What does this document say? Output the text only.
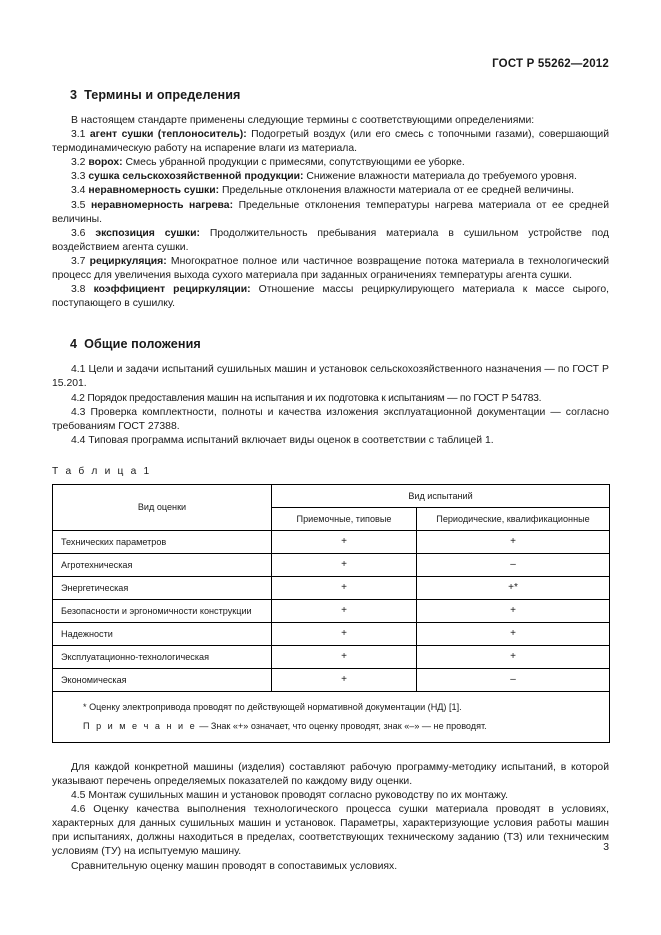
ГОСТ Р 55262—2012
3 Термины и определения

В настоящем стандарте применены следующие термины с соответствующими определениями:

3.1 агент сушки (теплоноситель): Подогретый воздух (или его смесь с топочными газами), совершающий термодинамическую работу на испарение влаги из материала.

3.2 ворох: Смесь убранной продукции с примесями, сопутствующими ее уборке.

3.3 сушка сельскохозяйственной продукции: Снижение влажности материала до требуемого уровня.

3.4 неравномерность сушки: Предельные отклонения влажности материала от ее средней величины.

3.5 неравномерность нагрева: Предельные отклонения температуры нагрева материала от ее средней величины.

3.6 экспозиция сушки: Продолжительность пребывания материала в сушильном устройстве под воздействием агента сушки.

3.7 рециркуляция: Многократное полное или частичное возвращение потока материала в технологический процесс для увеличения выхода сухого материала при заданных ограничениях температуры агента сушки.

3.8 коэффициент рециркуляции: Отношение массы рециркулирующего материала к массе сырого, поступающего в сушилку.

4 Общие положения

4.1 Цели и задачи испытаний сушильных машин и установок сельскохозяйственного назначения — по ГОСТ Р 15.201.

4.2 Порядок предоставления машин на испытания и их подготовка к испытаниям — по ГОСТ Р 54783.

4.3 Проверка комплектности, полноты и качества изложения эксплуатационной документации — согласно требованиям ГОСТ 27388.

4.4 Типовая программа испытаний включает виды оценок в соответствии с таблицей 1.

Т а б л и ц а 1
Вид оценки	Вид испытаний	
	Приемочные, типовые	Периодические, квалификационные
Технических параметров	+	+
Агротехническая	+	–
Энергетическая	+	+*
Безопасности и эргономичности конструкции	+	+
Надежности	+	+
Эксплуатационно-технологическая	+	+
Экономическая	+	–

* Оценку электропривода проводят по действующей нормативной документации (НД) [1].
П р и м е ч а н и е — Знак «+» означает, что оценку проводят, знак «–» — не проводят.		

Для каждой конкретной машины (изделия) составляют рабочую программу-методику испытаний, в которой указывают перечень определяемых показателей по каждому виду оценки.

4.5 Монтаж сушильных машин и установок проводят согласно руководству по их монтажу.

4.6 Оценку качества выполнения технологического процесса сушки материала проводят в условиях, характерных для данных сушильных машин и установок. Параметры, характеризующие условия работы машин при испытаниях, должны находиться в пределах, соответствующих техническому заданию (ТЗ) или техническим условиям (ТУ) на испытуемую машину.

Сравнительную оценку машин проводят в сопоставимых условиях.

3
